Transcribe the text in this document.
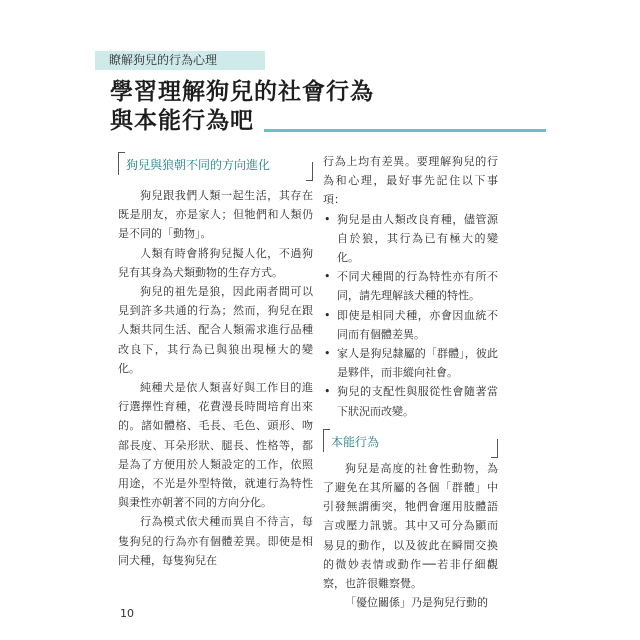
瞭解狗兒的行為心理
學習理解狗兒的社會行為
與本能行為吧
狗兒與狼朝不同的方向進化

狗兒跟我們人類一起生活，其存在既是朋友，亦是家人；但牠們和人類仍是不同的「動物」。

人類有時會將狗兒擬人化，不過狗兒有其身為犬類動物的生存方式。

狗兒的祖先是狼，因此兩者間可以見到許多共通的行為；然而，狗兒在跟人類共同生活、配合人類需求進行品種改良下，其行為已與狼出現極大的變化。

純種犬是依人類喜好與工作目的進行選擇性育種，花費漫長時間培育出來的。諸如體格、毛長、毛色、頭形、吻部長度、耳朵形狀、腿長、性格等，都是為了方便用於人類設定的工作，依照用途，不光是外型特徵，就連行為特性與秉性亦朝著不同的方向分化。

行為模式依犬種而異自不待言，每隻狗兒的行為亦有個體差異。即使是相同犬種，每隻狗兒在

行為上均有差異。要理解狗兒的行為和心理，最好事先記住以下事項：

• 狗兒是由人類改良育種，儘管源自於狼，其行為已有極大的變化。
• 不同犬種間的行為特性亦有所不同，請先理解該犬種的特性。
• 即使是相同犬種，亦會因血統不同而有個體差異。
• 家人是狗兒隸屬的「群體」，彼此是夥伴，而非縱向社會。
• 狗兒的支配性與服從性會隨著當下狀況而改變。
本能行為

狗兒是高度的社會性動物，為了避免在其所屬的各個「群體」中引發無謂衝突，牠們會運用肢體語言或壓力訊號。其中又可分為顯而易見的動作，以及彼此在瞬間交換的微妙表情或動作──若非仔細觀察，也許很難察覺。

「優位關係」乃是狗兒行動的

10
